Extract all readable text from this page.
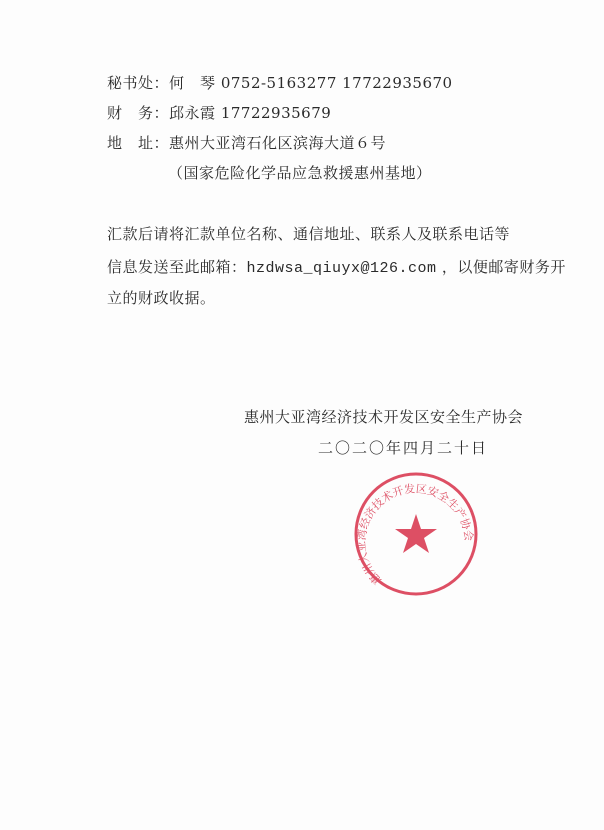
秘书处：何　琴 0752-5163277 17722935670
财　务：邱永霞 17722935679
地　址：惠州大亚湾石化区滨海大道６号
（国家危险化学品应急救援惠州基地）
汇款后请将汇款单位名称、通信地址、联系人及联系电话等
信息发送至此邮箱：hzdwsa_qiuyx@126.com ，以便邮寄财务开
立的财政收据。
惠州大亚湾经济技术开发区安全生产协会
二〇二〇年四月二十日
惠州大亚湾经济技术开发区安全生产协会
